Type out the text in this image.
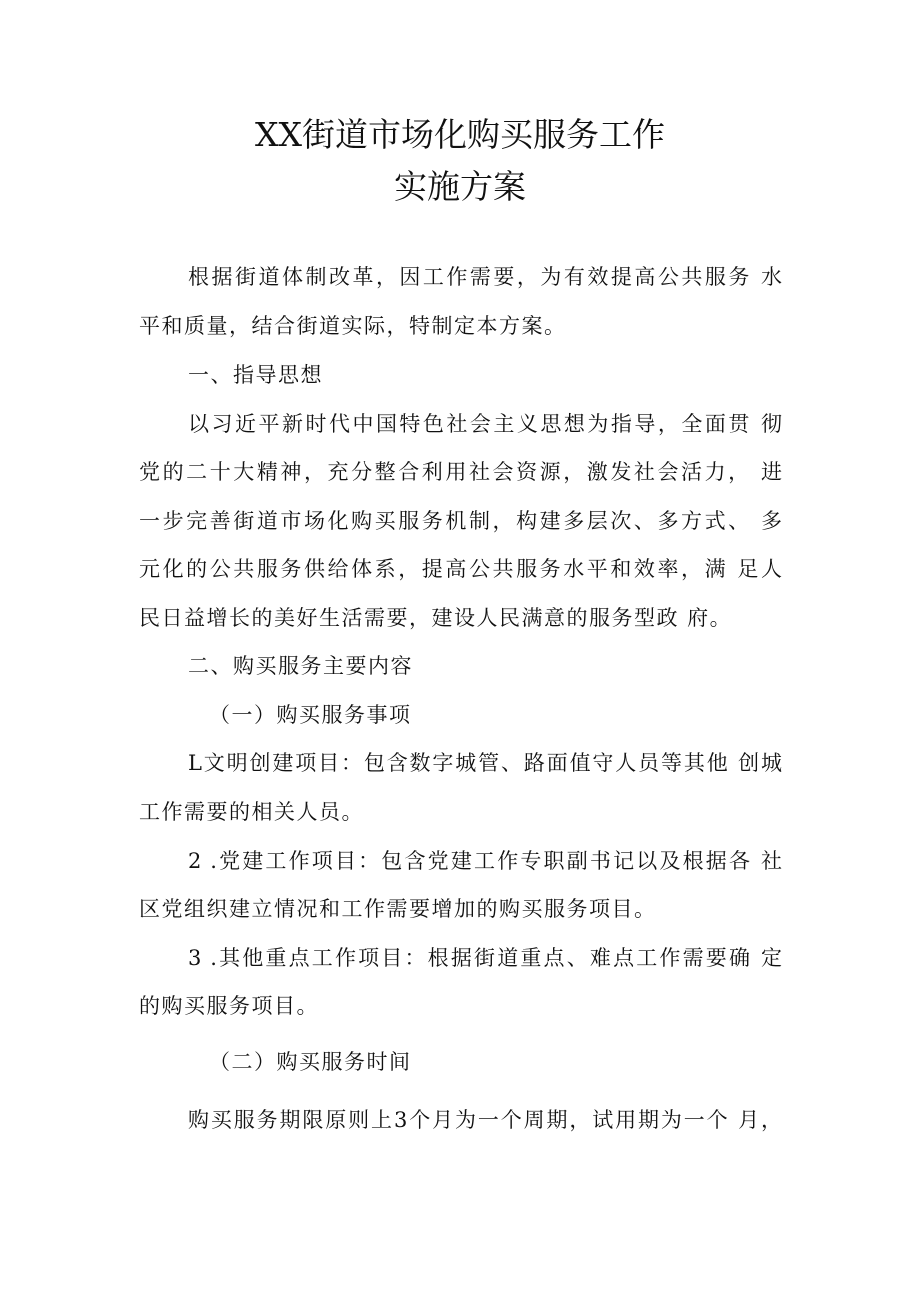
XX街道市场化购买服务工作
实施方案
根据街道体制改革，因工作需要，为有效提高公共服务 水
平和质量，结合街道实际，特制定本方案。
一、指导思想
以习近平新时代中国特色社会主义思想为指导，全面贯 彻
党的二十大精神，充分整合利用社会资源，激发社会活力， 进
一步完善街道市场化购买服务机制，构建多层次、多方式、 多
元化的公共服务供给体系，提高公共服务水平和效率，满 足人
民日益增长的美好生活需要，建设人民满意的服务型政 府。
二、购买服务主要内容
（一）购买服务事项
L文明创建项目：包含数字城管、路面值守人员等其他 创城
工作需要的相关人员。
2 .党建工作项目：包含党建工作专职副书记以及根据各 社
区党组织建立情况和工作需要增加的购买服务项目。
3 .其他重点工作项目：根据街道重点、难点工作需要确 定
的购买服务项目。
（二）购买服务时间
购买服务期限原则上3个月为一个周期，试用期为一个 月，
